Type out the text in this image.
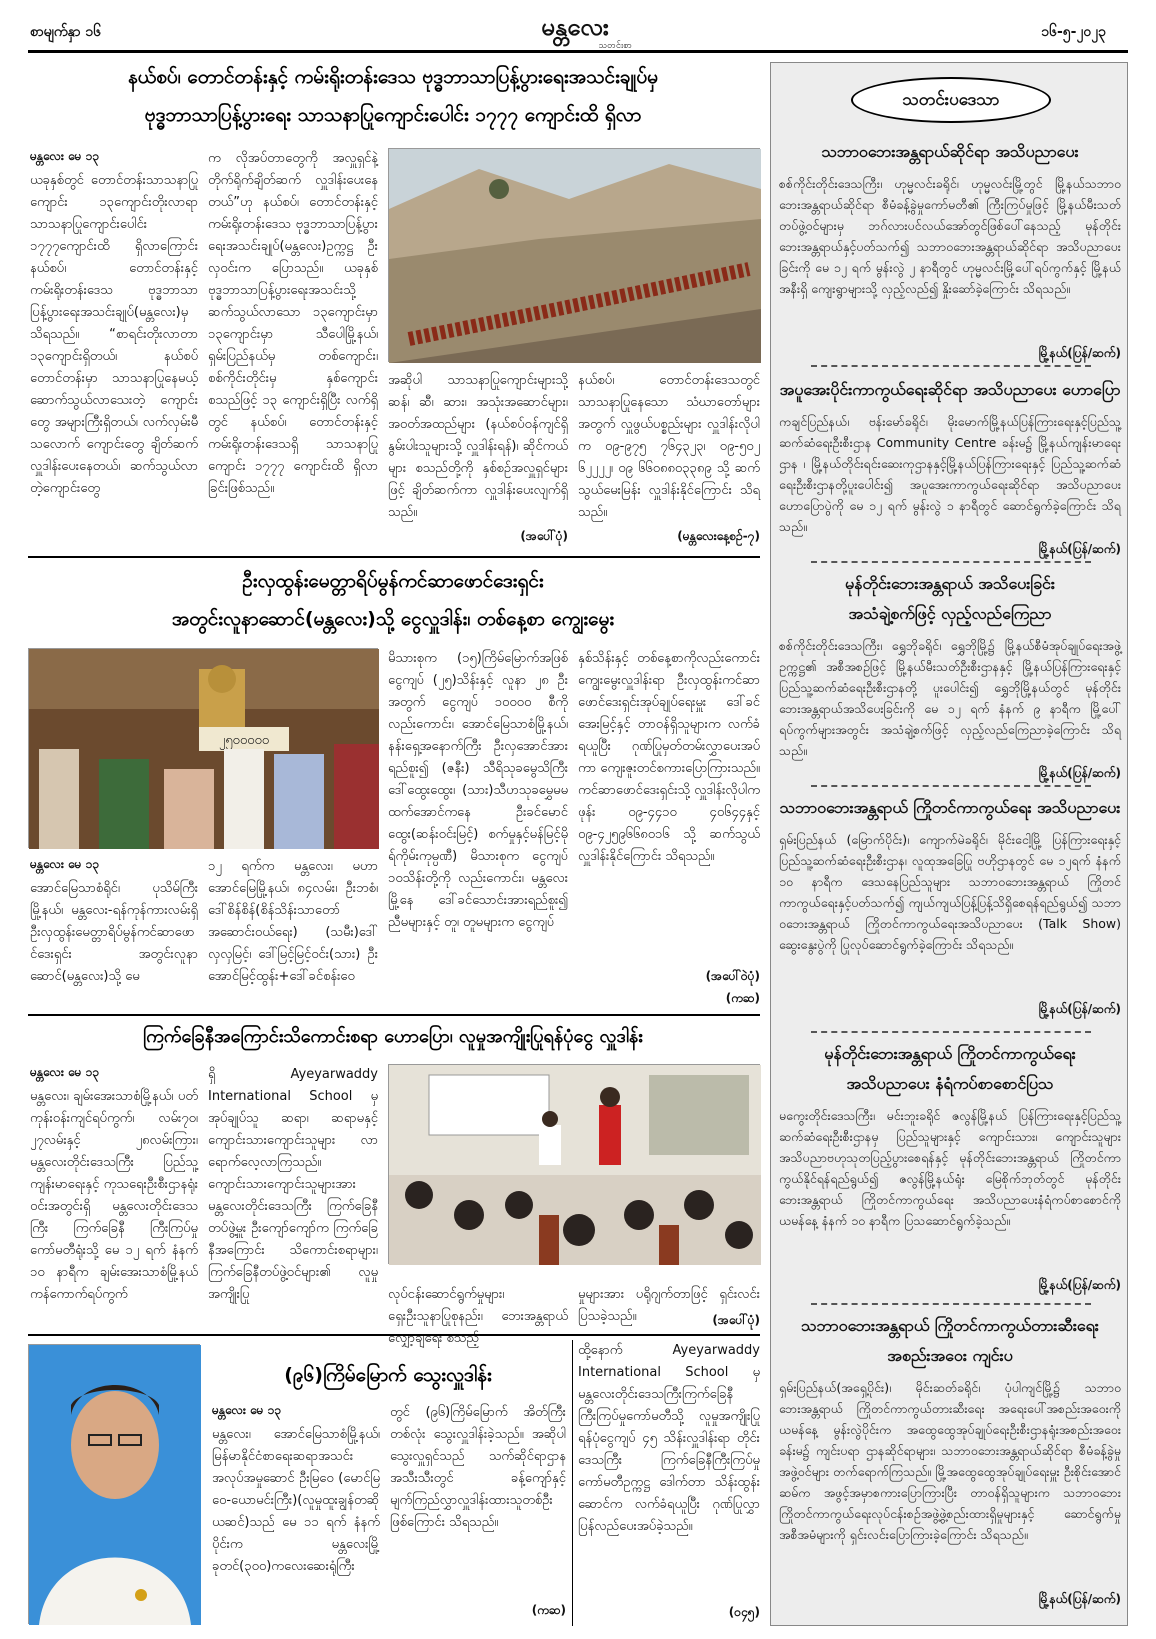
စာမျက်နှာ ၁၆	မန္တလေး
သတင်းစာ
၁၆-၅-၂၀၂၃
သတင်းပဒေသာ
သဘာဝဘေးအန္တရာယ်ဆိုင်ရာ အသိပညာပေး
စစ်ကိုင်းတိုင်းဒေသကြီး၊ ဟုမ္မလင်းခရိုင်၊ ဟုမ္မလင်းမြို့တွင် မြို့နယ်သဘာဝဘေးအန္တရာယ်ဆိုင်ရာ စီမံခန့်ခွဲမှုကော်မတီ၏ ကြီးကြပ်မှုဖြင့် မြို့နယ်မီးသတ်တပ်ဖွဲ့ဝင်များမှ ဘဂ်လားပင်လယ်အော်တွင်ဖြစ်ပေါ်နေသည့် မုန်တိုင်းဘေးအန္တရာယ်နှင့်ပတ်သက်၍ သဘာဝဘေးအန္တရာယ်ဆိုင်ရာ အသိပညာပေးခြင်းကို မေ ၁၂ ရက် မွန်းလွဲ ၂ နာရီတွင် ဟုမ္မလင်းမြို့ပေါ်ရပ်ကွက်နှင့် မြို့နယ်အနီးရှိ ကျေးရွာများသို့ လှည့်လည်၍ နှိုးဆော်ခဲ့ကြောင်း သိရသည်။
မြို့နယ်(ပြန်/ဆက်)
အပူအေးပိုင်းကာကွယ်ရေးဆိုင်ရာ အသိပညာပေး ဟောပြော
ကချင်ပြည်နယ်၊ ဗန်းမော်ခရိုင်၊ မိုးမောက်မြို့နယ်ပြန်ကြားရေးနှင့်ပြည်သူ့ဆက်ဆံရေးဦးစီးဌာန Community Centre ခန်းမ၌ မြို့နယ်ကျန်းမာရေးဌာန ၊ မြို့နယ်တိုင်းရင်းဆေးကုဌာနနှင့်မြို့နယ်ပြန်ကြားရေးနှင့် ပြည်သူ့ဆက်ဆံရေးဦးစီးဌာနတို့ပူးပေါင်း၍ အပူအေးကာကွယ်ရေးဆိုင်ရာ အသိပညာပေးဟောပြောပွဲကို မေ ၁၂ ရက် မွန်းလွဲ ၁ နာရီတွင် ဆောင်ရွက်ခဲ့ကြောင်း သိရသည်။
မြို့နယ်(ပြန်/ဆက်)
မုန်တိုင်းဘေးအန္တရာယ် အသိပေးခြင်း
အသံချဲ့စက်ဖြင့် လှည့်လည်ကြေညာ
စစ်ကိုင်းတိုင်းဒေသကြီး၊ ရွှေဘိုခရိုင်၊ ရွှေဘိုမြို့၌ မြို့နယ်စီမံအုပ်ချုပ်ရေးအဖွဲ့ဥက္ကဋ္ဌ၏ အစီအစဉ်ဖြင့် မြို့နယ်မီးသတ်ဦးစီးဌာနနှင့် မြို့နယ်ပြန်ကြားရေးနှင့်ပြည်သူ့ဆက်ဆံရေးဦးစီးဌာနတို့ ပူးပေါင်း၍ ရွှေဘိုမြို့နယ်တွင် မုန်တိုင်းဘေးအန္တရာယ်အသိပေးခြင်းကို မေ ၁၂ ရက် နံနက် ၉ နာရီက မြို့ပေါ်ရပ်ကွက်များအတွင်း အသံချဲ့စက်ဖြင့် လှည့်လည်ကြေညာခဲ့ကြောင်း သိရသည်။
မြို့နယ်(ပြန်/ဆက်)
သဘာဝဘေးအန္တရာယ် ကြိုတင်ကာကွယ်ရေး အသိပညာပေး
ရှမ်းပြည်နယ် (မြောက်ပိုင်း)၊ ကျောက်မဲခရိုင်၊ မိုင်းငေါ့မြို့ ပြန်ကြားရေးနှင့် ပြည်သူ့ဆက်ဆံရေးဦးစီးဌာန၊ လူထုအခြေပြု ဗဟိုဌာနတွင် မေ ၁၂ရက် နံနက် ၁၀ နာရီက ဒေသနေပြည်သူများ သဘာဝဘေးအန္တရာယ် ကြိုတင်ကာကွယ်ရေးနှင့်ပတ်သက်၍ ကျယ်ကျယ်ပြန့်ပြန့်သိရှိစေရန်ရည်ရွယ်၍ သဘာဝဘေးအန္တရာယ် ကြိုတင်ကာကွယ်ရေးအသိပညာပေး (Talk Show) ဆွေးနွေးပွဲကို ပြုလုပ်ဆောင်ရွက်ခဲ့ကြောင်း သိရသည်။
မြို့နယ်(ပြန်/ဆက်)
မုန်တိုင်းဘေးအန္တရာယ် ကြိုတင်ကာကွယ်ရေး
အသိပညာပေး နံရံကပ်စာစောင်ပြသ
မကွေးတိုင်းဒေသကြီး၊ မင်းဘူးခရိုင် ဇလွန်မြို့နယ် ပြန်ကြားရေးနှင့်ပြည်သူ့ဆက်ဆံရေးဦးစီးဌာနမှ ပြည်သူများနှင့် ကျောင်းသား၊ ကျောင်းသူများ အသိပညာဗဟုသုတပြည့်ပွားစေရန်နှင့် မုန်တိုင်းဘေးအန္တရာယ် ကြိုတင်ကာကွယ်နိုင်ရန်ရည်ရွယ်၍ ဇလွန်မြို့နယ်ရုံး မြေစိုက်ဘုတ်တွင် မုန်တိုင်းဘေးအန္တရာယ် ကြိုတင်ကာကွယ်ရေး အသိပညာပေးနံရံကပ်စာစောင်ကို ယမန်နေ့ နံနက် ၁၀ နာရီက ပြသဆောင်ရွက်ခဲ့သည်။
မြို့နယ်(ပြန်/ဆက်)
သဘာဝဘေးအန္တရာယ် ကြိုတင်ကာကွယ်တားဆီးရေး
အစည်းအဝေး ကျင်းပ
ရှမ်းပြည်နယ်(အရှေ့ပိုင်း)၊ မိုင်းဆတ်ခရိုင်၊ ပုံပါကျင်မြို့၌ သဘာဝဘေးအန္တရာယ် ကြိုတင်ကာကွယ်တားဆီးရေး အရေးပေါ်အစည်းအဝေးကို ယမန်နေ့ မွန်းလွဲပိုင်းက အထွေထွေအုပ်ချုပ်ရေးဦးစီးဌာနရုံးအစည်းအဝေးခန်းမ၌ ကျင်းပရာ ဌာနဆိုင်ရာများ၊ သဘာဝဘေးအန္တရာယ်ဆိုင်ရာ စီမံခန့်ခွဲမှုအဖွဲ့ဝင်များ တက်ရောက်ကြသည်။ မြို့အထွေထွေအုပ်ချုပ်ရေးမှူး ဦးစိုင်းအောင်ဆမ်က အဖွင့်အမှာစကားပြောကြားပြီး တာဝန်ရှိသူများက သဘာဝဘေးကြိုတင်ကာကွယ်ရေးလုပ်ငန်းစဉ်အဖွဲ့ဖွဲ့စည်းထားရှိမှုများနှင့် ဆောင်ရွက်မှုအစီအမံများကို ရှင်းလင်းပြောကြားခဲ့ကြောင်း သိရသည်။
မြို့နယ်(ပြန်/ဆက်)
နယ်စပ်၊ တောင်တန်းနှင့် ကမ်းရိုးတန်းဒေသ ဗုဒ္ဓဘာသာပြန့်ပွားရေးအသင်းချုပ်မှ
ဗုဒ္ဓဘာသာပြန့်ပွားရေး သာသနာပြုကျောင်းပေါင်း ၁၇၇၇ ကျောင်းထိ ရှိလာ
မန္တလေး မေ ၁၃
ယခုနှစ်တွင် တောင်တန်းသာသနာပြုကျောင်း ၁၃ကျောင်းတိုးလာရာ သာသနာပြုကျောင်းပေါင်း ၁၇၇၇ကျောင်းထိ ရှိလာကြောင်း နယ်စပ်၊ တောင်တန်းနှင့် ကမ်းရိုးတန်းဒေသ ဗုဒ္ဓဘာသာပြန့်ပွားရေးအသင်းချုပ်(မန္တလေး)မှ သိရသည်။ “စာရင်းတိုးလာတာ ၁၃ကျောင်းရှိတယ်၊ နယ်စပ်တောင်တန်းမှာ သာသနာပြုနေမယ့် ဆောက်သွယ်လာသေးတဲ့ ကျောင်းတွေ အများကြီးရှိတယ်၊ လက်လှမ်းမီသလောက် ကျောင်းတွေ ချိတ်ဆက် လှူဒါန်းပေးနေတယ်၊ ဆက်သွယ်လာတဲ့ကျောင်းတွေ
က လိုအပ်တာတွေကို အလှူရှင်နဲ့ တိုက်ရိုက်ချိတ်ဆက် လှူဒါန်းပေးနေတယ်”ဟု နယ်စပ်၊ တောင်တန်းနှင့် ကမ်းရိုးတန်းဒေသ ဗုဒ္ဓဘာသာပြန့်ပွားရေးအသင်းချုပ်(မန္တလေး)ဥက္ကဋ္ဌ ဦးလှဝင်းက ပြောသည်။ ယခုနှစ် ဗုဒ္ဓဘာသာပြန့်ပွားရေးအသင်းသို့ ဆက်သွယ်လာသော ၁၃ကျောင်းမှာ ၁၃ကျောင်းမှာ သီပေါမြို့နယ်၊ ရှမ်းပြည်နယ်မှ တစ်ကျောင်း၊ စစ်ကိုင်းတိုင်းမှ နှစ်ကျောင်းစသည်ဖြင့် ၁၃ ကျောင်းရှိပြီး လက်ရှိတွင် နယ်စပ်၊ တောင်တန်းနှင့် ကမ်းရိုးတန်းဒေသရှိ သာသနာပြုကျောင်း ၁၇၇၇ ကျောင်းထိ ရှိလာခြင်းဖြစ်သည်။
အဆိုပါ သာသနာပြုကျောင်းများသို့ ဆန်၊ ဆီ၊ ဆား၊ အသုံးအဆောင်များ၊ အဝတ်အထည်များ (နယ်စပ်ဝန်ကျင်ရှိ နွမ်းပါးသူများသို့ လှူဒါန်းရန်)၊ ဆိုင်ကယ်များ စသည်တို့ကို နှစ်စဉ်အလှူရှင်များဖြင့် ချိတ်ဆက်ကာ လှူဒါန်းပေးလျက်ရှိသည်။
(အပေါ်ပုံ)
နယ်စပ်၊ တောင်တန်းဒေသတွင် သာသနာပြုနေသော သံဃာတော်များအတွက် လှူဖွယ်ပစ္စည်းများ လှူဒါန်းလိုပါက ၀၉-၉၇၅ ၇၆၄၃၂၃၊ ၀၉-၅၀၂ ၆၂၂၂၂၊ ၀၉ ၆၆၀၈၈၀၃၃၈၉ သို့ ဆက်သွယ်မေးမြန်း လှူဒါန်းနိုင်ကြောင်း သိရသည်။
(မန္တလေးနေ့စဉ်-၇)
ဦးလှထွန်းမေတ္တာရိပ်မွန်ကင်ဆာဖောင်ဒေးရှင်း
အတွင်းလူနာဆောင်(မန္တလေး)သို့ ငွေလှူဒါန်း၊ တစ်နေ့စာ ကျွေးမွေး
၂၅၀၀၀၀၀
မန္တလေး မေ ၁၃
အောင်မြေသာစံရိုင်၊ ပုသိမ်ကြီးမြို့နယ်၊ မန္တလေး-ရန်ကုန်ကားလမ်းရှိ ဦးလှထွန်းမေတ္တာရိပ်မွန်ကင်ဆာဖောင်ဒေးရှင်း အတွင်းလူနာဆောင်(မန္တလေး)သို့ မေ
၁၂ ရက်က မန္တလေး၊ မဟာအောင်မြေမြို့နယ်၊ ၈၄လမ်း၊ ဦးဘစံ၊ ဒေါ်စိန်စိန်(စိန်သိန်းသာတော်အဆောင်းဝယ်ရေး) (သမီး)ဒေါ်လှလှမြင့်၊ ဒေါ်မြင့်မြင့်ဝင်း(သား) ဦးအောင်မြင့်ထွန်း+ဒေါ်ခင်စန်းဝေ
မိသားစုက (၁၅)ကြိမ်မြောက်အဖြစ် ငွေကျပ် (၂၅)သိန်းနှင့် လူနာ ၂၈ ဦးအတွက် ငွေကျပ် ၁၀၀၀၀ စီကို လည်းကောင်း၊ အောင်မြေသာစံမြို့နယ်၊ နန်းရှေ့အနောက်ကြီး ဦးလှအောင်အားရည်စူး၍ (ဇနီး) သီရိသုခမွေသိကြီးဒေါ်ထွေးထွေး၊ (သား)သီဟသုခမွှေမမထက်အောင်ကနေ ဦးခင်မောင်ထွေး(ဆန်းဝင်းမြင့်) စက်မှုနှင့်မန်မြင့်မိုရ်ကိုမ်းကုမ္ပဏီ) မိသားစုက ငွေကျပ် ၁၀သိန်းတို့ကို လည်းကောင်း၊ မန္တလေးမြို့နေ ဒေါ်ခင်သောင်းအားရည်စူး၍ ညီမများနှင့် တူ၊ တူမများက ငွေကျပ်
နှစ်သိန်းနှင့် တစ်နေ့စာကိုလည်းကောင်း ကျွေးမွေးလှူဒါန်းရာ ဦးလှထွန်းကင်ဆာဖောင်ဒေးရှင်းအုပ်ချုပ်ရေးမှူး ဒေါ်ခင်အေးမြင့်နှင့် တာဝန်ရှိသူများက လက်ခံရယူပြီး ဂုဏ်ပြုမှတ်တမ်းလွှာပေးအပ်ကာ ကျေးဇူးတင်စကားပြောကြားသည်။ ကင်ဆာဖောင်ဒေးရှင်းသို့ လှူဒါန်းလိုပါက ဖုန်း ၀၉-၄၄၁၀ ၄၀၆၄၄နှင့် ၀၉-၄၂၅၉၆၆၈၀၁၆ သို့ ဆက်သွယ်လှူဒါန်းနိုင်ကြောင်း သိရသည်။
(အပေါ်ဝဲပုံ)
(ကဆ)
ကြက်ခြေနီအကြောင်းသိကောင်းစရာ ဟောပြော၊ လူမှုအကျိုးပြုရန်ပုံငွေ လှူဒါန်း
မန္တလေး မေ ၁၃
မန္တလေး၊ ချမ်းအေးသာစံမြို့နယ်၊ ပတ်ကုန်းဝန်းကျင်ရပ်ကွက်၊ လမ်း၇၀၊ ၂၇လမ်းနှင့် ၂၈လမ်းကြား၊ မန္တလေးတိုင်းဒေသကြီး ပြည်သူ့ကျန်းမာရေးနှင့် ကုသရေးဦးစီးဌာနရုံးဝင်းအတွင်းရှိ မန္တလေးတိုင်းဒေသကြီး ကြက်ခြေနီ ကြီးကြပ်မှုကော်မတီရုံးသို့ မေ ၁၂ ရက် နံနက် ၁၀ နာရီက ချမ်းအေးသာစံမြို့နယ် ကန်ကောက်ရပ်ကွက်
ရှိ Ayeyarwaddy International School မှ အုပ်ချုပ်သူ ဆရာ၊ ဆရာမနှင့်ကျောင်းသားကျောင်းသူများ လာရောက်လေ့လာကြသည်။ ကျောင်းသားကျောင်းသူများအား မန္တလေးတိုင်းဒေသကြီး ကြက်ခြေနီတပ်ဖွဲ့မှူး ဦးကျော်ကျော်က ကြက်ခြေနီအကြောင်း သိကောင်းစရာများ၊ ကြက်ခြေနီတပ်ဖွဲ့ဝင်များ၏ လူမှုအကျိုးပြု	လုပ်ငန်းဆောင်ရွက်မှုများ၊ ရှေးဦးသူနာပြုစုနည်း၊ ဘေးအန္တရာယ်လျှော့ချရေး စသည့်
မှုများအား ပရိုဂျက်တာဖြင့် ရှင်းလင်းပြသခဲ့သည်။	(အပေါ်ပုံ)
(၉၆)ကြိမ်မြောက် သွေးလှူဒါန်း
မန္တလေး မေ ၁၃
မန္တလေး၊ အောင်မြေသာစံမြို့နယ်၊ မြန်မာနိုင်ငံစာရေးဆရာအသင်းအလုပ်အမှုဆောင် ဦးမြဝေ (မောင်မြဝေ-ယောမင်းကြီး)(လူမှုထူးချွန်တဆိုယဆင်)သည် မေ ၁၁ ရက် နံနက်ပိုင်းက မန္တလေးမြို့ ခုတင်(၃၀၀)ကလေးဆေးရုံကြီး
တွင် (၉၆)ကြိမ်မြောက် အိတ်ကြီးတစ်လုံး သွေးလှူဒါန်းခဲ့သည်။ အဆိုပါသွေးလှူရှင်သည် သက်ဆိုင်ရာဌာနအသီးသီးတွင် ခန့်ကျော်နှင့် မျက်ကြည်လွှာလှူဒါန်းထားသူတစ်ဦးဖြစ်ကြောင်း သိရသည်။
(ကဆ)
ထို့နောက် Ayeyarwaddy International School မှ မန္တလေးတိုင်းဒေသကြီးကြက်ခြေနီ ကြီးကြပ်မှုကော်မတီသို့ လူမှုအကျိုးပြုရန်ပုံငွေကျပ် ၄၅ သိန်းလှူဒါန်းရာ တိုင်းဒေသကြီး ကြက်ခြေနီကြီးကြပ်မှုကော်မတီဥက္ကဋ္ဌ ဒေါက်တာ သိန်းထွန်းဆောင်က လက်ခံရယူပြီး ဂုဏ်ပြုလွှာ ပြန်လည်ပေးအပ်ခဲ့သည်။
(ဝ၄၅)
